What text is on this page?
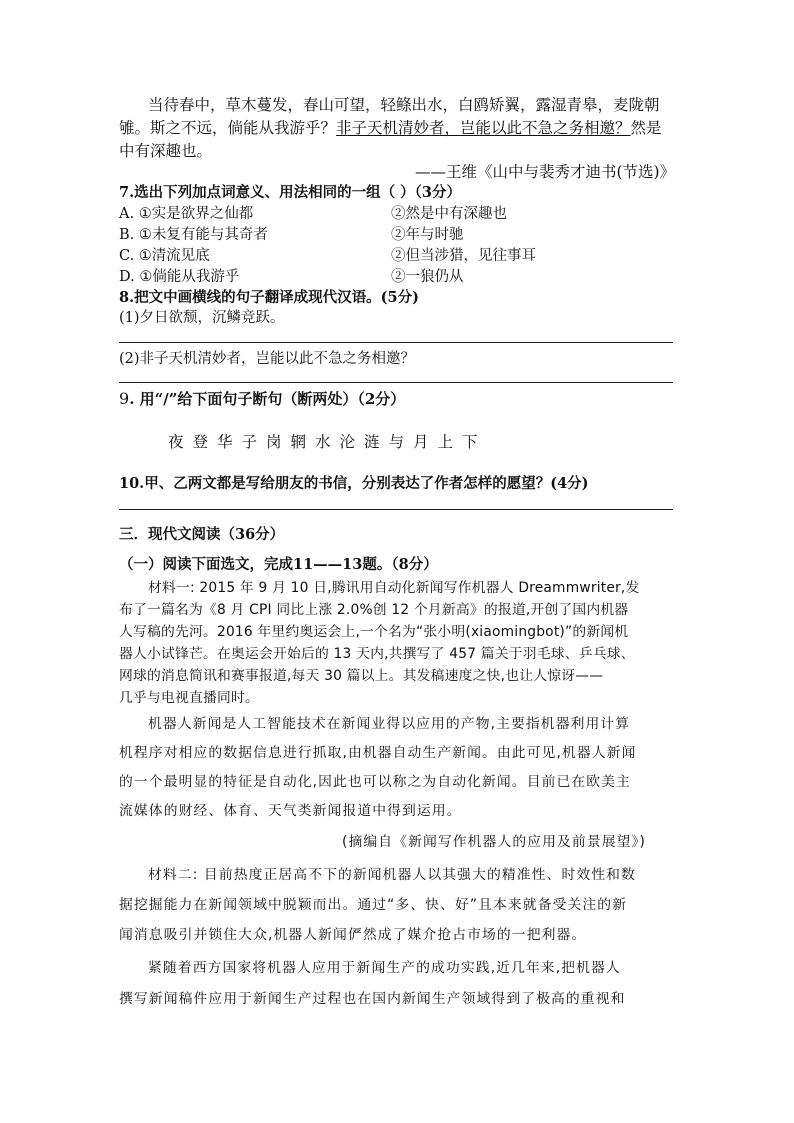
当待春中，草木蔓发，春山可望，轻鲦出水，白鸥矫翼，露湿青皋，麦陇朝
雊。斯之不远，倘能从我游乎？非子天机清妙者，岂能以此不急之务相邀？然是
中有深趣也。
——王维《山中与裴秀才迪书(节选)》
7.选出下列加点词意义、用法相同的一组（ ）（3分）
A. ①实是欲界之仙都	②然是中有深趣也
B. ①未复有能与其奇者	②年与时驰
C. ①清流见底	②但当涉猎，见往事耳
D. ①倘能从我游乎	②一狼仍从
8.把文中画横线的句子翻译成现代汉语。(5分)
(1)夕日欲颓，沉鳞竞跃。
(2)非子天机清妙者，岂能以此不急之务相邀？
9. 用“/”给下面句子断句（断两处）（2分）
夜 登 华 子 岗 辋 水 沦 涟 与 月 上 下
10.甲、乙两文都是写给朋友的书信，分别表达了作者怎样的愿望？(4分)
三．现代文阅读（36分）
（一）阅读下面选文，完成11——13题。（8分）
材料一: 2015 年 9 月 10 日,腾讯用自动化新闻写作机器人 Dreammwriter,发
布了一篇名为《8 月 CPI 同比上涨 2.0%创 12 个月新高》的报道,开创了国内机器
人写稿的先河。2016 年里约奥运会上,一个名为“张小明(xiaomingbot)”的新闻机
器人小试锋芒。在奥运会开始后的 13 天内,共撰写了 457 篇关于羽毛球、乒乓球、
网球的消息简讯和赛事报道,每天 30 篇以上。其发稿速度之快,也让人惊讶——
几乎与电视直播同时。
机器人新闻是人工智能技术在新闻业得以应用的产物,主要指机器利用计算
机程序对相应的数据信息进行抓取,由机器自动生产新闻。由此可见,机器人新闻
的一个最明显的特征是自动化,因此也可以称之为自动化新闻。目前已在欧美主
流媒体的财经、体育、天气类新闻报道中得到运用。
(摘编自《新闻写作机器人的应用及前景展望》)
材料二: 目前热度正居高不下的新闻机器人以其强大的精准性、时效性和数
据挖掘能力在新闻领域中脱颖而出。通过“多、快、好”且本来就备受关注的新
闻消息吸引并锁住大众,机器人新闻俨然成了媒介抢占市场的一把利器。
紧随着西方国家将机器人应用于新闻生产的成功实践,近几年来,把机器人
撰写新闻稿件应用于新闻生产过程也在国内新闻生产领域得到了极高的重视和
